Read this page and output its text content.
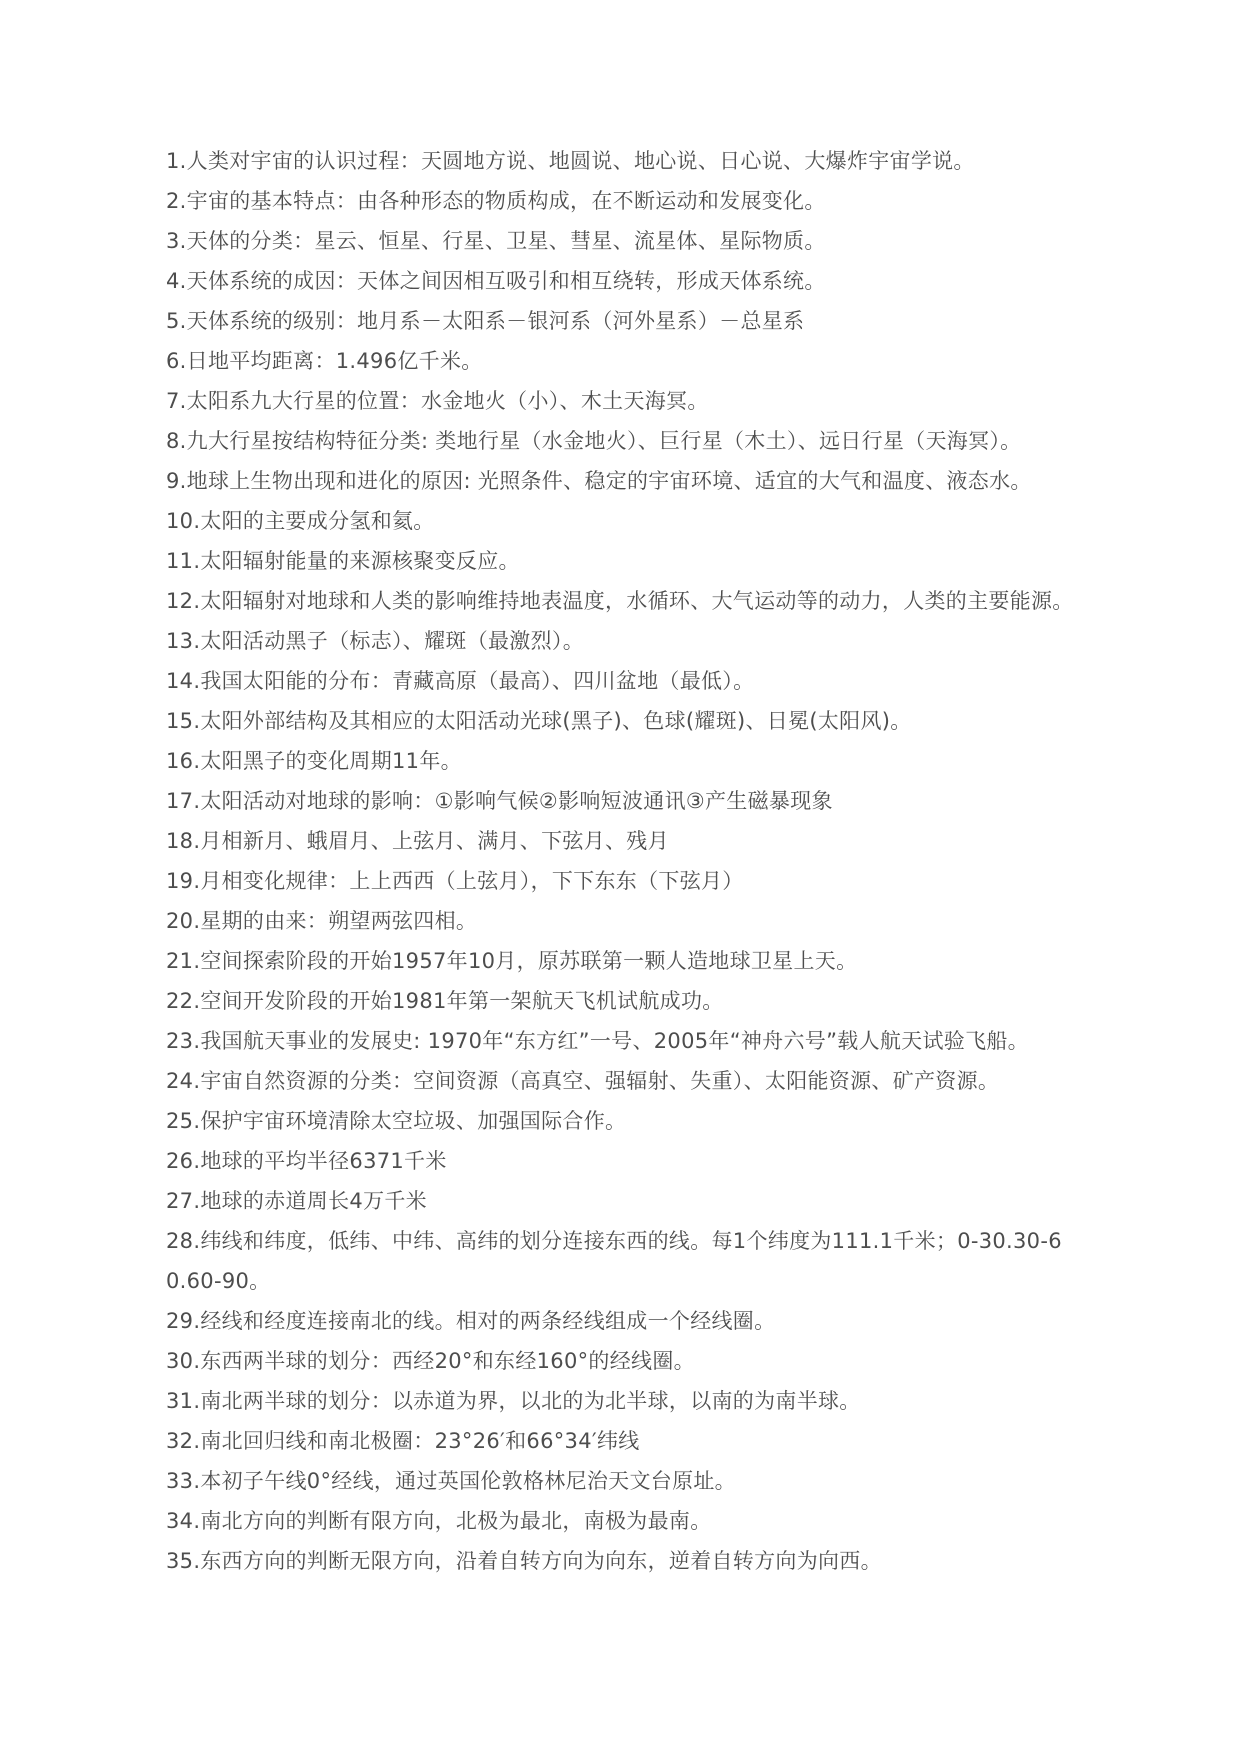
1.人类对宇宙的认识过程：天圆地方说、地圆说、地心说、日心说、大爆炸宇宙学说。

2.宇宙的基本特点：由各种形态的物质构成，在不断运动和发展变化。

3.天体的分类：星云、恒星、行星、卫星、彗星、流星体、星际物质。

4.天体系统的成因：天体之间因相互吸引和相互绕转，形成天体系统。

5.天体系统的级别：地月系－太阳系－银河系（河外星系）－总星系

6.日地平均距离：1.496亿千米。

7.太阳系九大行星的位置：水金地火（小）、木土天海冥。

8.九大行星按结构特征分类: 类地行星（水金地火）、巨行星（木土）、远日行星（天海冥）。

9.地球上生物出现和进化的原因: 光照条件、稳定的宇宙环境、适宜的大气和温度、液态水。

10.太阳的主要成分氢和氦。

11.太阳辐射能量的来源核聚变反应。

12.太阳辐射对地球和人类的影响维持地表温度，水循环、大气运动等的动力，人类的主要能源。

13.太阳活动黑子（标志）、耀斑（最激烈）。

14.我国太阳能的分布：青藏高原（最高）、四川盆地（最低）。

15.太阳外部结构及其相应的太阳活动光球(黑子)、色球(耀斑)、日冕(太阳风)。

16.太阳黑子的变化周期11年。

17.太阳活动对地球的影响：①影响气候②影响短波通讯③产生磁暴现象

18.月相新月、蛾眉月、上弦月、满月、下弦月、残月

19.月相变化规律：上上西西（上弦月），下下东东（下弦月）

20.星期的由来：朔望两弦四相。

21.空间探索阶段的开始1957年10月，原苏联第一颗人造地球卫星上天。

22.空间开发阶段的开始1981年第一架航天飞机试航成功。

23.我国航天事业的发展史: 1970年“东方红”一号、2005年“神舟六号”载人航天试验飞船。

24.宇宙自然资源的分类：空间资源（高真空、强辐射、失重）、太阳能资源、矿产资源。

25.保护宇宙环境清除太空垃圾、加强国际合作。

26.地球的平均半径6371千米

27.地球的赤道周长4万千米

28.纬线和纬度，低纬、中纬、高纬的划分连接东西的线。每1个纬度为111.1千米；0-30.30-60.60-90。

29.经线和经度连接南北的线。相对的两条经线组成一个经线圈。

30.东西两半球的划分：西经20°和东经160°的经线圈。

31.南北两半球的划分：以赤道为界，以北的为北半球，以南的为南半球。

32.南北回归线和南北极圈：23°26′和66°34′纬线

33.本初子午线0°经线，通过英国伦敦格林尼治天文台原址。

34.南北方向的判断有限方向，北极为最北，南极为最南。

35.东西方向的判断无限方向，沿着自转方向为向东，逆着自转方向为向西。
